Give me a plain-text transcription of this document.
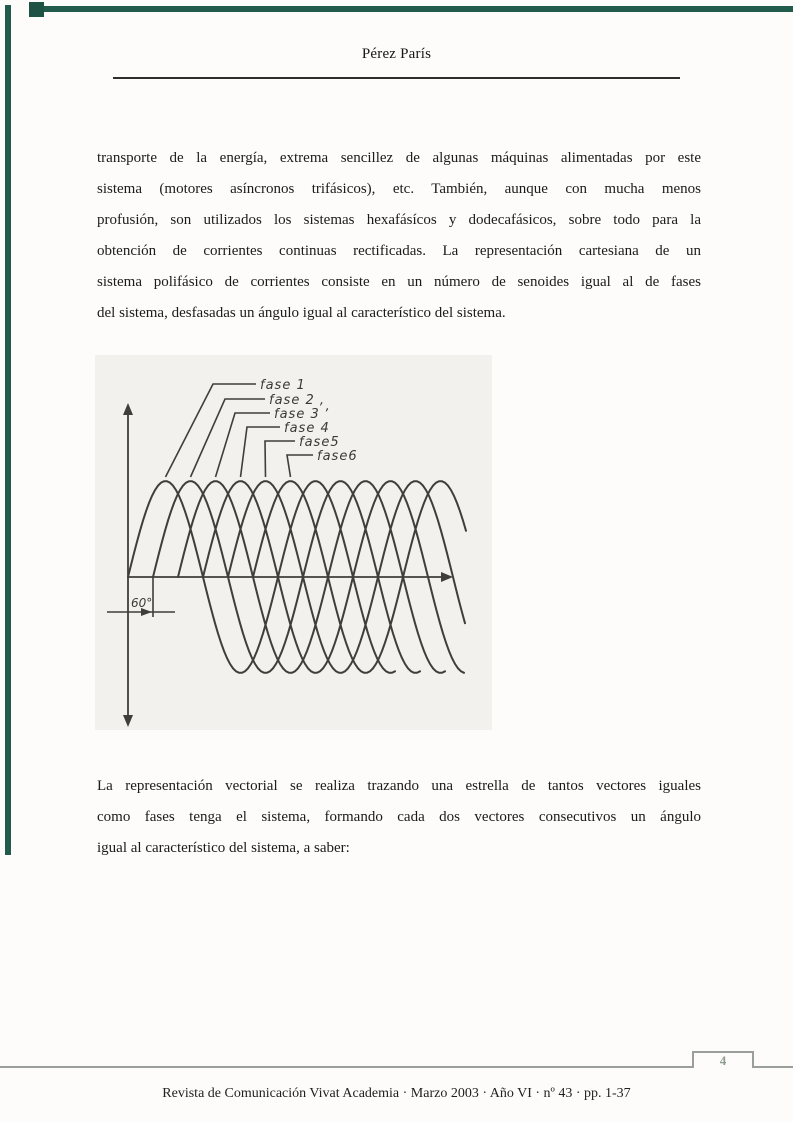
Pérez París
transporte de la energía, extrema sencillez de algunas máquinas alimentadas por este
sistema (motores asíncronos trifásicos), etc. También, aunque con mucha menos
profusión, son utilizados los sistemas hexafásícos y dodecafásicos, sobre todo para la
obtención de corrientes continuas rectificadas. La representación cartesiana de un
sistema polifásico de corrientes consiste en un número de senoides igual al de fases
del sistema, desfasadas un ángulo igual al característico del sistema.
fase 1
fase 2 ,
fase 3 ʼ
fase 4
fase5
fase6
60°
La representación vectorial se realiza trazando una estrella de tantos vectores iguales
como fases tenga el sistema, formando cada dos vectores consecutivos un ángulo
igual al característico del sistema, a saber:
4
Revista de Comunicación Vivat Academia · Marzo 2003 · Año VI · nº 43 · pp. 1-37
